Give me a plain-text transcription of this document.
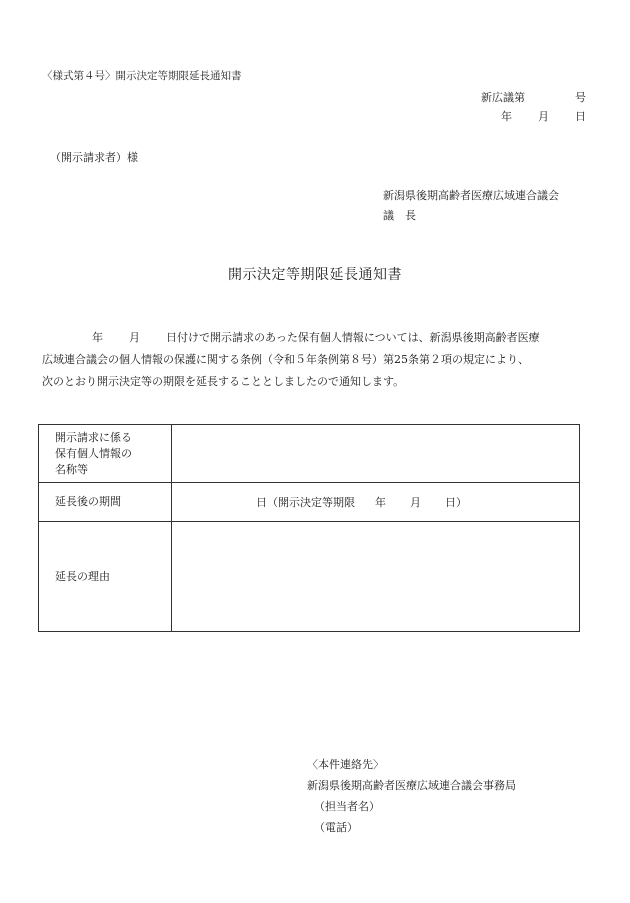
〈様式第４号〉開示決定等期限延長通知書
新広議第	号
年 月 日
（開示請求者）様
新潟県後期高齢者医療広域連合議会
議　長
開示決定等期限延長通知書
年 月 日付けで開示請求のあった保有個人情報については、新潟県後期高齢者医療
広域連合議会の個人情報の保護に関する条例（令和５年条例第８号）第25条第２項の規定により、
次のとおり開示決定等の期限を延長することとしましたので通知します。
開示請求に係る
保有個人情報の
名称等	

延長後の期間	日（開示決定等期限 年 月 日）
延長の理由	
〈本件連絡先〉
新潟県後期高齢者医療広域連合議会事務局
（担当者名）
（電話）
